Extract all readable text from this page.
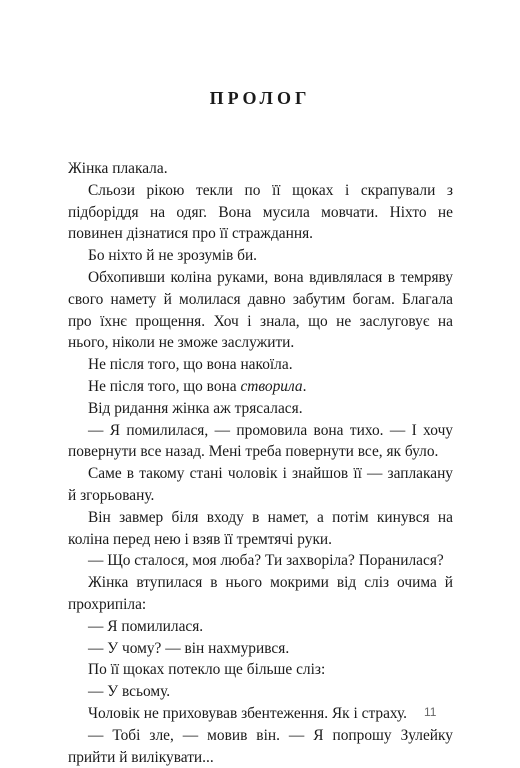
ПРОЛОГ

Жінка плакала.

Сльози рікою текли по її щоках і скрапували з підборіддя на одяг. Вона мусила мовчати. Ніхто не повинен дізнатися про її страждання.

Бо ніхто й не зрозумів би.

Обхопивши коліна руками, вона вдивлялася в темряву свого намету й молилася давно забутим богам. Благала про їхнє прощення. Хоч і знала, що не заслуговує на нього, ніколи не зможе заслужити.

Не після того, що вона накоїла.

Не після того, що вона створила.

Від ридання жінка аж трясалася.

— Я помилилася, — промовила вона тихо. — І хочу повернути все назад. Мені треба повернути все, як було.

Саме в такому стані чоловік і знайшов її — заплакану й згорьовану.

Він завмер біля входу в намет, а потім кинувся на коліна перед нею і взяв її тремтячі руки.

— Що сталося, моя люба? Ти захворіла? Поранилася?

Жінка втупилася в нього мокрими від сліз очима й прохрипіла:

— Я помилилася.

— У чому? — він нахмурився.

По її щоках потекло ще більше сліз:

— У всьому.

Чоловік не приховував збентеження. Як і страху.

— Тобі зле, — мовив він. — Я попрошу Зулейку прийти й вилікувати...

11
